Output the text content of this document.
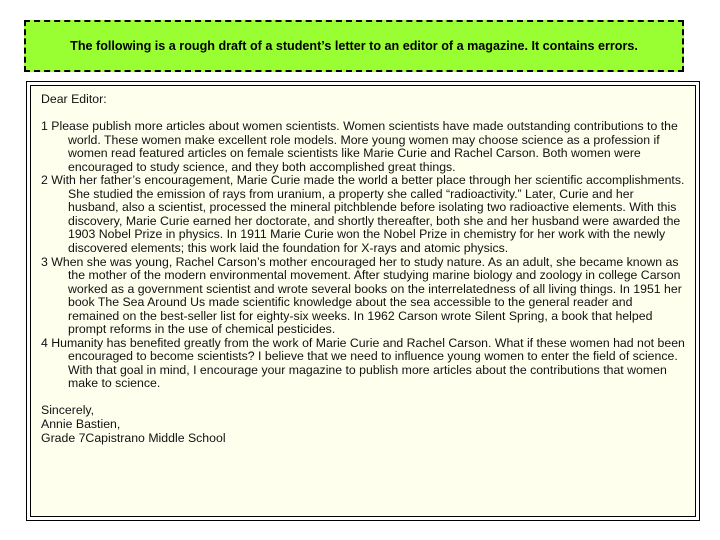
The following is a rough draft of a student’s letter to an editor of a magazine. It contains errors.

Dear Editor:

1 Please publish more articles about women scientists. Women scientists have made outstanding contributions to the world. These women make excellent role models. More young women may choose science as a profession if women read featured articles on female scientists like Marie Curie and Rachel Carson. Both women were encouraged to study science, and they both accomplished great things.

2 With her father’s encouragement, Marie Curie made the world a better place through her scientific accomplishments. She studied the emission of rays from uranium, a property she called “radioactivity.” Later, Curie and her husband, also a scientist, processed the mineral pitchblende before isolating two radioactive elements. With this discovery, Marie Curie earned her doctorate, and shortly thereafter, both she and her husband were awarded the 1903 Nobel Prize in physics. In 1911 Marie Curie won the Nobel Prize in chemistry for her work with the newly discovered elements; this work laid the foundation for X-rays and atomic physics.

3 When she was young, Rachel Carson’s mother encouraged her to study nature. As an adult, she became known as the mother of the modern environmental movement. After studying marine biology and zoology in college Carson worked as a government scientist and wrote several books on the interrelatedness of all living things. In 1951 her book The Sea Around Us made scientific knowledge about the sea accessible to the general reader and remained on the best-seller list for eighty-six weeks. In 1962 Carson wrote Silent Spring, a book that helped prompt reforms in the use of chemical pesticides.

4 Humanity has benefited greatly from the work of Marie Curie and Rachel Carson. What if these women had not been encouraged to become scientists? I believe that we need to influence young women to enter the field of science. With that goal in mind, I encourage your magazine to publish more articles about the contributions that women make to science.

Sincerely,

Annie Bastien,

Grade 7Capistrano Middle School
